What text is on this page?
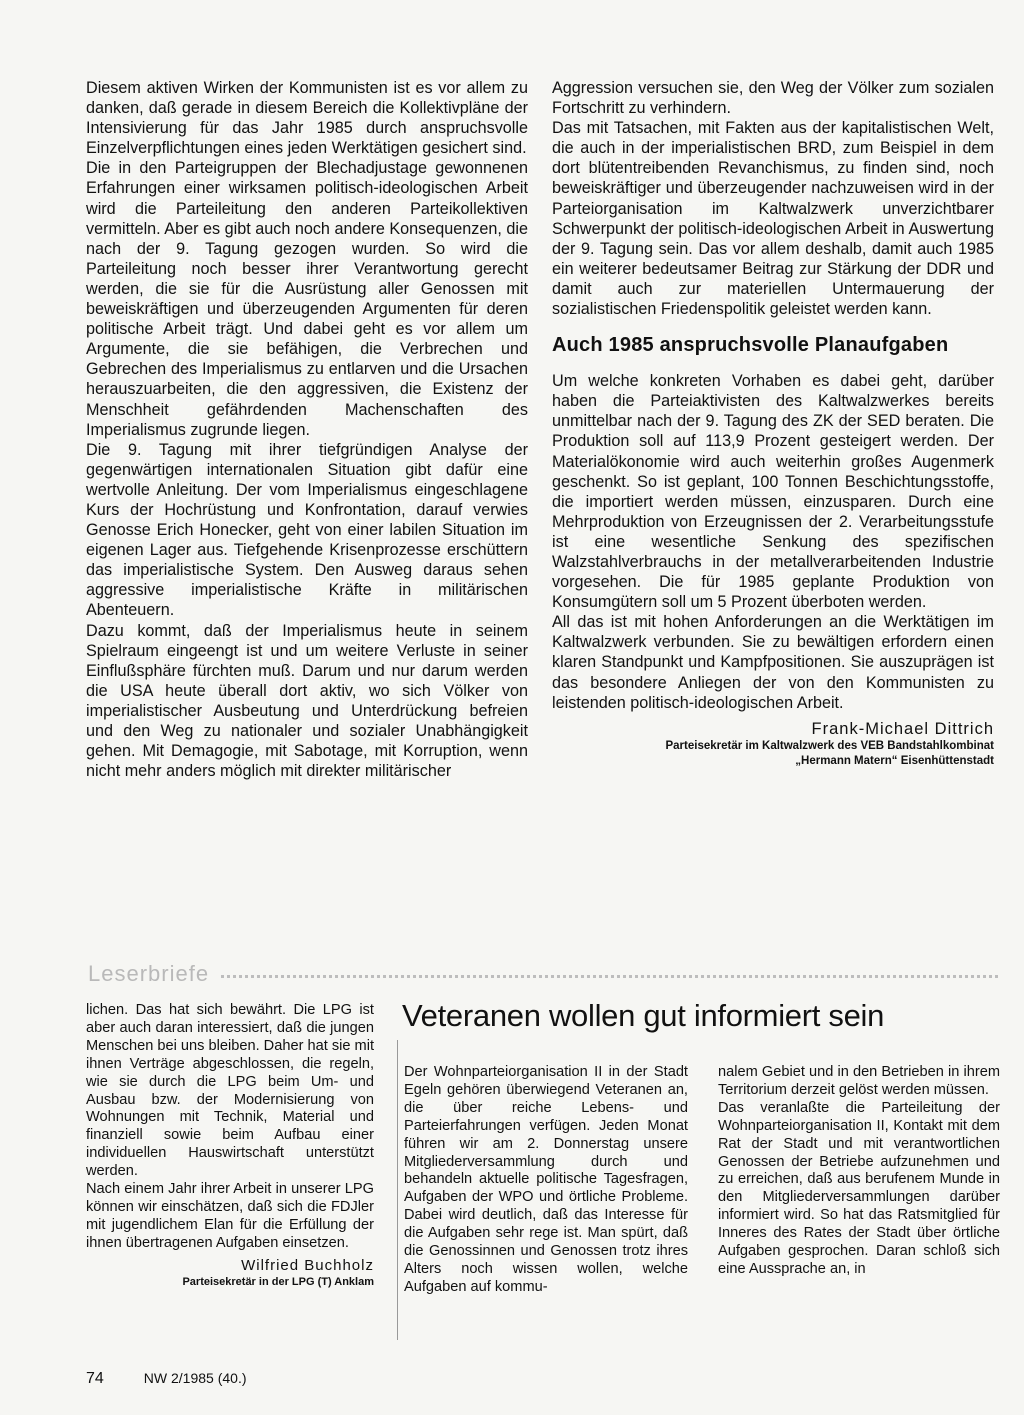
Diesem aktiven Wirken der Kommunisten ist es vor allem zu danken, daß gerade in diesem Bereich die Kollektivpläne der Intensivierung für das Jahr 1985 durch anspruchsvolle Einzelverpflichtungen eines jeden Werktätigen gesichert sind.

Die in den Parteigruppen der Blechadjustage gewonnenen Erfahrungen einer wirksamen politisch-ideologischen Arbeit wird die Parteileitung den anderen Parteikollektiven vermitteln. Aber es gibt auch noch andere Konsequenzen, die nach der 9. Tagung gezogen wurden. So wird die Parteileitung noch besser ihrer Verantwortung gerecht werden, die sie für die Ausrüstung aller Genossen mit beweiskräftigen und überzeugenden Argumenten für deren politische Arbeit trägt. Und dabei geht es vor allem um Argumente, die sie befähigen, die Verbrechen und Gebrechen des Imperialismus zu entlarven und die Ursachen herauszuarbeiten, die den aggressiven, die Existenz der Menschheit gefährdenden Machenschaften des Imperialismus zugrunde liegen.

Die 9. Tagung mit ihrer tiefgründigen Analyse der gegenwärtigen internationalen Situation gibt dafür eine wertvolle Anleitung. Der vom Imperialismus eingeschlagene Kurs der Hochrüstung und Konfrontation, darauf verwies Genosse Erich Honecker, geht von einer labilen Situation im eigenen Lager aus. Tiefgehende Krisenprozesse erschüttern das imperialistische System. Den Ausweg daraus sehen aggressive imperialistische Kräfte in militärischen Abenteuern.

Dazu kommt, daß der Imperialismus heute in seinem Spielraum eingeengt ist und um weitere Verluste in seiner Einflußsphäre fürchten muß. Darum und nur darum werden die USA heute überall dort aktiv, wo sich Völker von imperialistischer Ausbeutung und Unterdrückung befreien und den Weg zu nationaler und sozialer Unabhängigkeit gehen. Mit Demagogie, mit Sabotage, mit Korruption, wenn nicht mehr anders möglich mit direkter militärischer

Aggression versuchen sie, den Weg der Völker zum sozialen Fortschritt zu verhindern.

Das mit Tatsachen, mit Fakten aus der kapitalistischen Welt, die auch in der imperialistischen BRD, zum Beispiel in dem dort blütentreibenden Revanchismus, zu finden sind, noch beweiskräftiger und überzeugender nachzuweisen wird in der Parteiorganisation im Kaltwalzwerk unverzichtbarer Schwerpunkt der politisch-ideologischen Arbeit in Auswertung der 9. Tagung sein. Das vor allem deshalb, damit auch 1985 ein weiterer bedeutsamer Beitrag zur Stärkung der DDR und damit auch zur materiellen Untermauerung der sozialistischen Friedenspolitik geleistet werden kann.

Auch 1985 anspruchsvolle Planaufgaben

Um welche konkreten Vorhaben es dabei geht, darüber haben die Parteiaktivisten des Kaltwalzwerkes bereits unmittelbar nach der 9. Tagung des ZK der SED beraten. Die Produktion soll auf 113,9 Prozent gesteigert werden. Der Materialökonomie wird auch weiterhin großes Augenmerk geschenkt. So ist geplant, 100 Tonnen Beschichtungsstoffe, die importiert werden müssen, einzusparen. Durch eine Mehrproduktion von Erzeugnissen der 2. Verarbeitungsstufe ist eine wesentliche Senkung des spezifischen Walzstahlverbrauchs in der metallverarbeitenden Industrie vorgesehen. Die für 1985 geplante Produktion von Konsumgütern soll um 5 Prozent überboten werden.

All das ist mit hohen Anforderungen an die Werktätigen im Kaltwalzwerk verbunden. Sie zu bewältigen erfordern einen klaren Standpunkt und Kampfpositionen. Sie auszuprägen ist das besondere Anliegen der von den Kommunisten zu leistenden politisch-ideologischen Arbeit.

Frank-Michael Dittrich
Parteisekretär im Kaltwalzwerk des VEB Bandstahlkombinat
„Hermann Matern“ Eisenhüttenstadt
Leserbriefe

lichen. Das hat sich bewährt. Die LPG ist aber auch daran interessiert, daß die jungen Menschen bei uns bleiben. Daher hat sie mit ihnen Verträge abgeschlossen, die regeln, wie sie durch die LPG beim Um- und Ausbau bzw. der Modernisierung von Wohnungen mit Technik, Material und finanziell sowie beim Aufbau einer individuellen Hauswirtschaft unterstützt werden.

Nach einem Jahr ihrer Arbeit in unserer LPG können wir einschätzen, daß sich die FDJler mit jugendlichem Elan für die Erfüllung der ihnen übertragenen Aufgaben einsetzen.

Wilfried Buchholz
Parteisekretär in der LPG (T) Anklam
Veteranen wollen gut informiert sein

Der Wohnparteiorganisation II in der Stadt Egeln gehören überwiegend Veteranen an, die über reiche Lebens- und Parteierfahrungen verfügen. Jeden Monat führen wir am 2. Donnerstag unsere Mitgliederversammlung durch und behandeln aktuelle politische Tagesfragen, Aufgaben der WPO und örtliche Probleme. Dabei wird deutlich, daß das Interesse für die Aufgaben sehr rege ist. Man spürt, daß die Genossinnen und Genossen trotz ihres Alters noch wissen wollen, welche Aufgaben auf kommu-

nalem Gebiet und in den Betrieben in ihrem Territorium derzeit gelöst werden müssen.

Das veranlaßte die Parteileitung der Wohnparteiorganisation II, Kontakt mit dem Rat der Stadt und mit verantwortlichen Genossen der Betriebe aufzunehmen und zu erreichen, daß aus berufenem Munde in den Mitgliederversammlungen darüber informiert wird. So hat das Ratsmitglied für Inneres des Rates der Stadt über örtliche Aufgaben gesprochen. Daran schloß sich eine Aussprache an, in

74	NW 2/1985 (40.)
